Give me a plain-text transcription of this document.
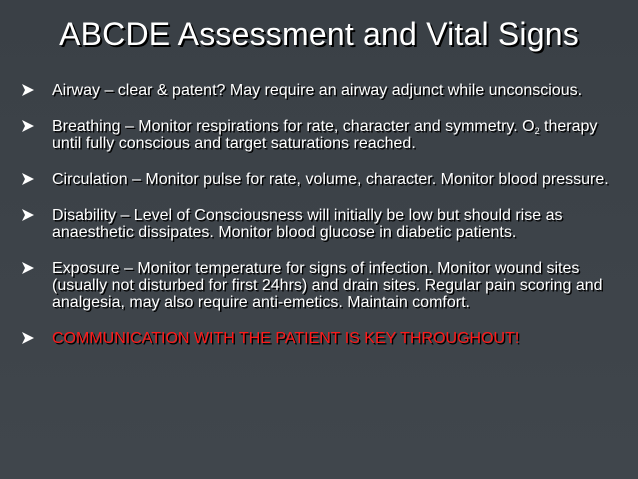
ABCDE Assessment and Vital Signs
Airway – clear & patent? May require an airway adjunct while unconscious.
Breathing – Monitor respirations for rate, character and symmetry. $O_2$ therapy until fully conscious and target saturations reached.
Circulation – Monitor pulse for rate, volume, character. Monitor blood pressure.
Disability – Level of Consciousness will initially be low but should rise as anaesthetic dissipates. Monitor blood glucose in diabetic patients.
Exposure – Monitor temperature for signs of infection. Monitor wound sites (usually not disturbed for first 24hrs) and drain sites. Regular pain scoring and analgesia, may also require anti-emetics. Maintain comfort.
COMMUNICATION WITH THE PATIENT IS KEY THROUGHOUT!
